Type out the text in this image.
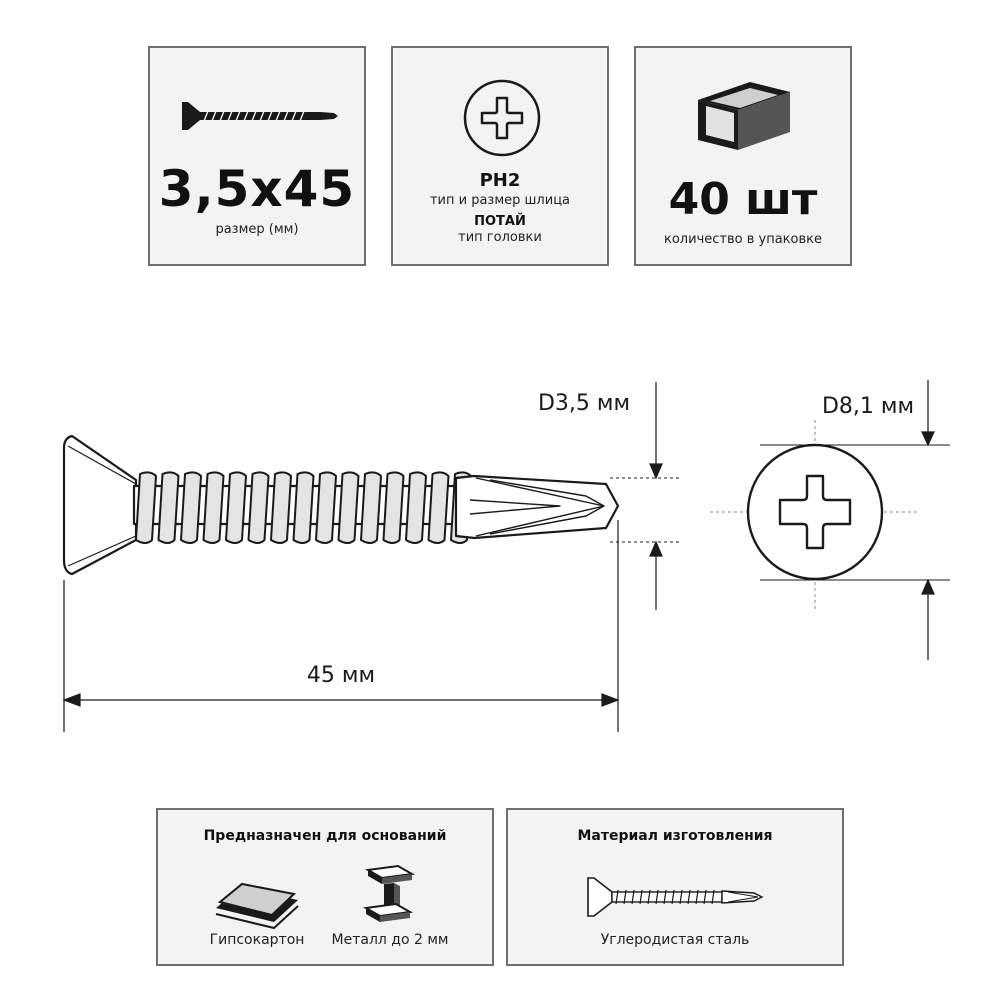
3,5x45
размер (мм)
PH2
тип и размер шлица
ПОТАЙ
тип головки
40 шт
количество в упаковке
D3,5 мм
45 мм
D8,1 мм
Предназначен для оснований
Гипсокартон	Металл до 2 мм
Материал изготовления
Углеродистая сталь
